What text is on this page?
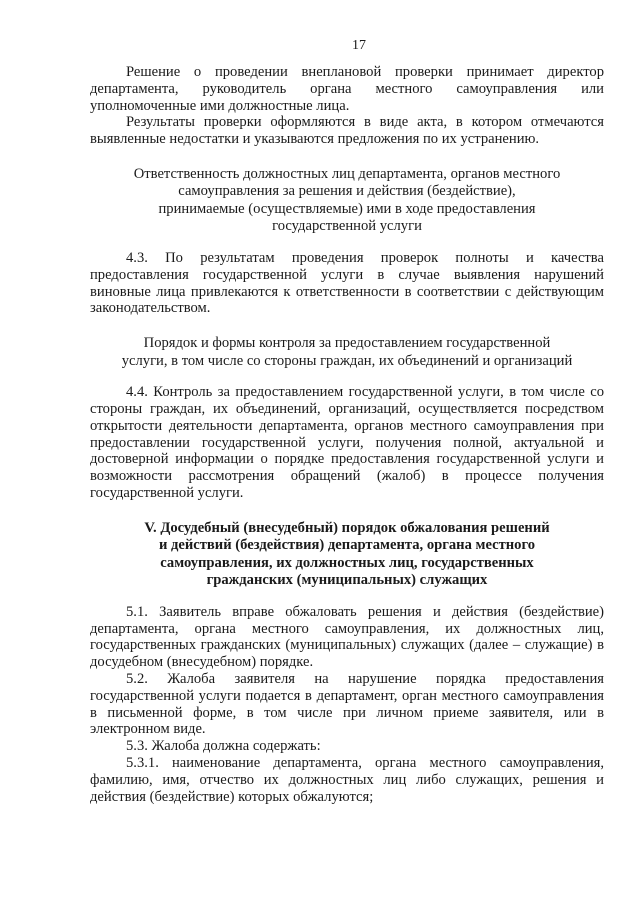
17

Решение о проведении внеплановой проверки принимает директор департамента, руководитель органа местного самоуправления или уполномоченные ими должностные лица.

Результаты проверки оформляются в виде акта, в котором отмечаются выявленные недостатки и указываются предложения по их устранению.

Ответственность должностных лиц департамента, органов местного
самоуправления за решения и действия (бездействие),
принимаемые (осуществляемые) ими в ходе предоставления
государственной услуги

4.3. По результатам проведения проверок полноты и качества предоставления государственной услуги в случае выявления нарушений виновные лица привлекаются к ответственности в соответствии с действующим законодательством.

Порядок и формы контроля за предоставлением государственной
услуги, в том числе со стороны граждан, их объединений и организаций

4.4. Контроль за предоставлением государственной услуги, в том числе со стороны граждан, их объединений, организаций, осуществляется посредством открытости деятельности департамента, органов местного самоуправления при предоставлении государственной услуги, получения полной, актуальной и достоверной информации о порядке предоставления государственной услуги и возможности рассмотрения обращений (жалоб) в процессе получения государственной услуги.

V. Досудебный (внесудебный) порядок обжалования решений
и действий (бездействия) департамента, органа местного
самоуправления, их должностных лиц, государственных
гражданских (муниципальных) служащих

5.1. Заявитель вправе обжаловать решения и действия (бездействие) департамента, органа местного самоуправления, их должностных лиц, государственных гражданских (муниципальных) служащих (далее – служащие) в досудебном (внесудебном) порядке.

5.2. Жалоба заявителя на нарушение порядка предоставления государственной услуги подается в департамент, орган местного самоуправления в письменной форме, в том числе при личном приеме заявителя, или в электронном виде.

5.3. Жалоба должна содержать:

5.3.1. наименование департамента, органа местного самоуправления, фамилию, имя, отчество их должностных лиц либо служащих, решения и действия (бездействие) которых обжалуются;
